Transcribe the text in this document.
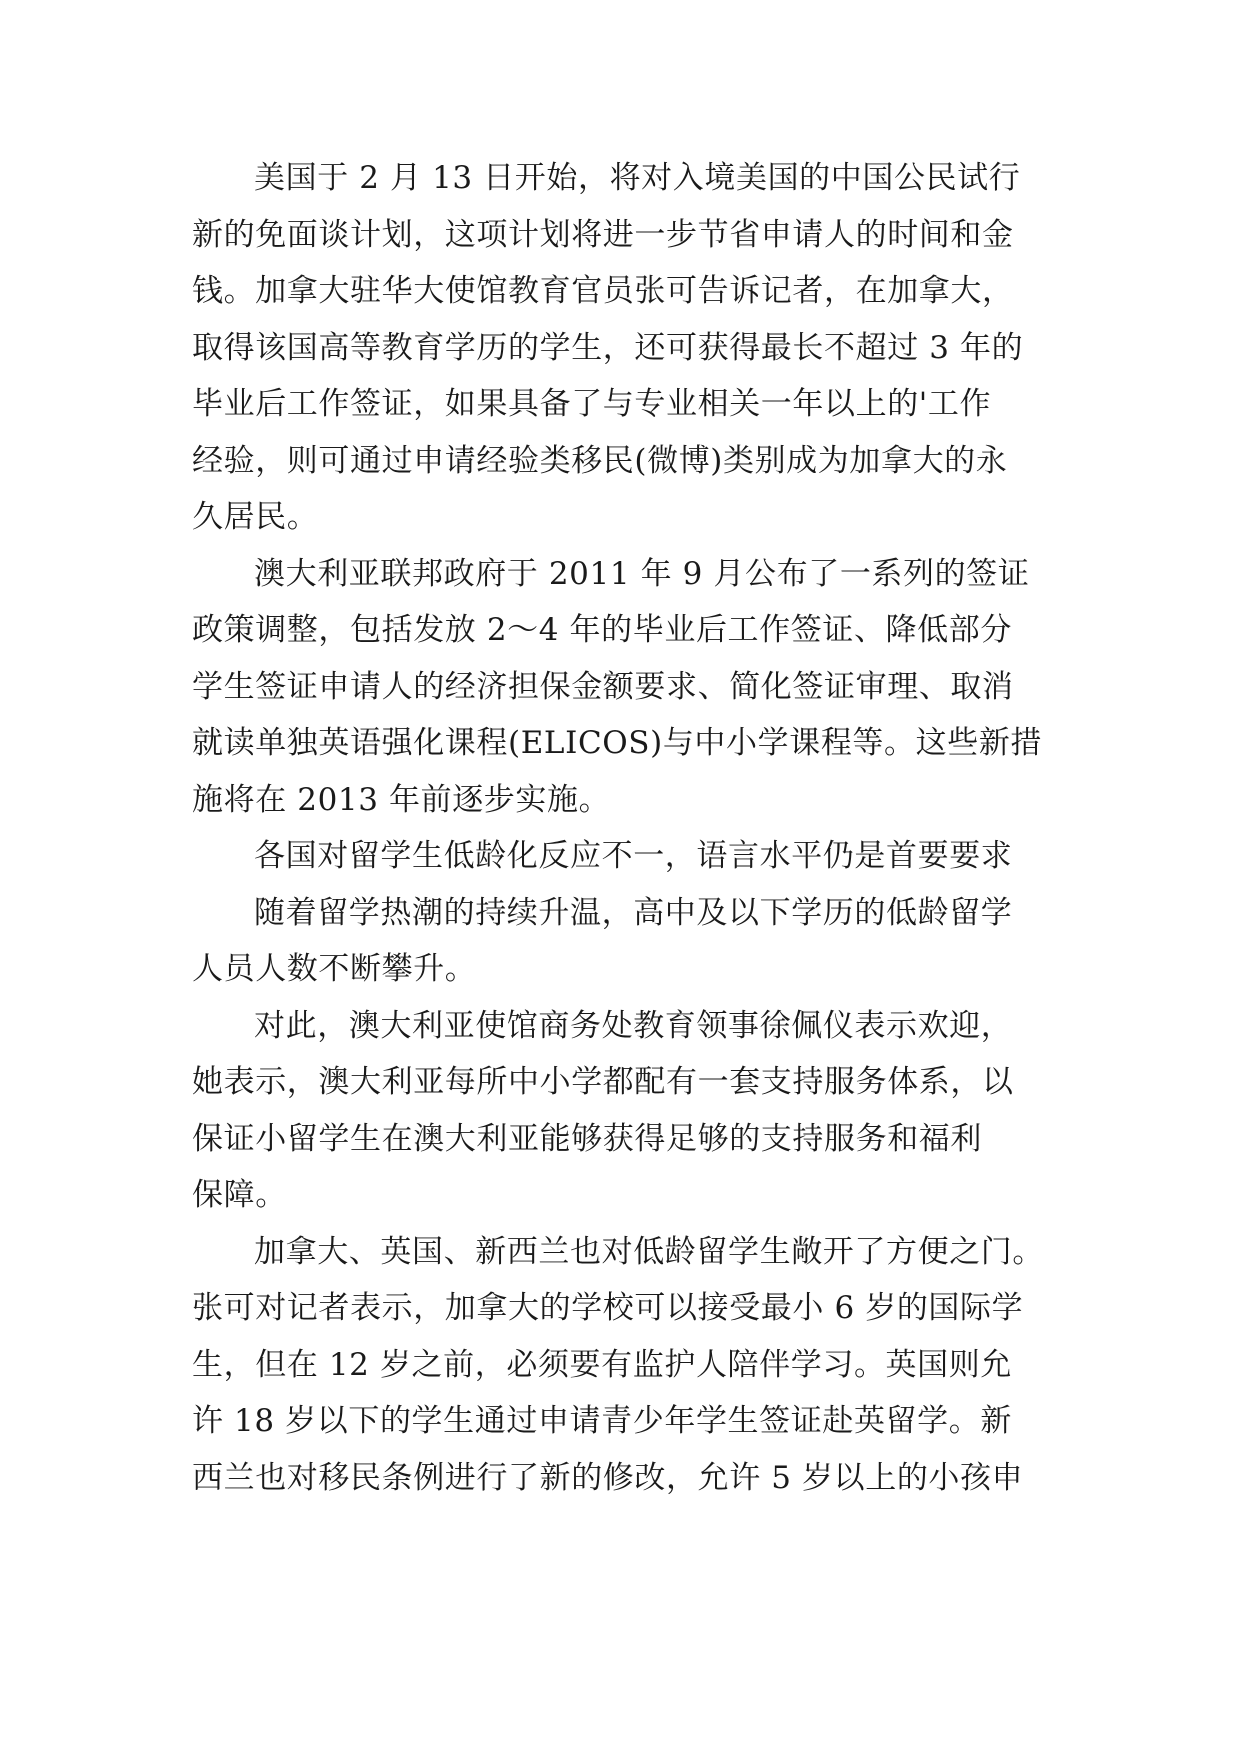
美国于 2 月 13 日开始，将对入境美国的中国公民试行
新的免面谈计划，这项计划将进一步节省申请人的时间和金
钱。加拿大驻华大使馆教育官员张可告诉记者，在加拿大，
取得该国高等教育学历的学生，还可获得最长不超过 3 年的
毕业后工作签证，如果具备了与专业相关一年以上的'工作
经验，则可通过申请经验类移民(微博)类别成为加拿大的永
久居民。

澳大利亚联邦政府于 2011 年 9 月公布了一系列的签证
政策调整，包括发放 2～4 年的毕业后工作签证、降低部分
学生签证申请人的经济担保金额要求、简化签证审理、取消
就读单独英语强化课程(ELICOS)与中小学课程等。这些新措
施将在 2013 年前逐步实施。

各国对留学生低龄化反应不一，语言水平仍是首要要求

随着留学热潮的持续升温，高中及以下学历的低龄留学
人员人数不断攀升。

对此，澳大利亚使馆商务处教育领事徐佩仪表示欢迎，
她表示，澳大利亚每所中小学都配有一套支持服务体系，以
保证小留学生在澳大利亚能够获得足够的支持服务和福利
保障。

加拿大、英国、新西兰也对低龄留学生敞开了方便之门。
张可对记者表示，加拿大的学校可以接受最小 6 岁的国际学
生，但在 12 岁之前，必须要有监护人陪伴学习。英国则允
许 18 岁以下的学生通过申请青少年学生签证赴英留学。新
西兰也对移民条例进行了新的修改，允许 5 岁以上的小孩申
